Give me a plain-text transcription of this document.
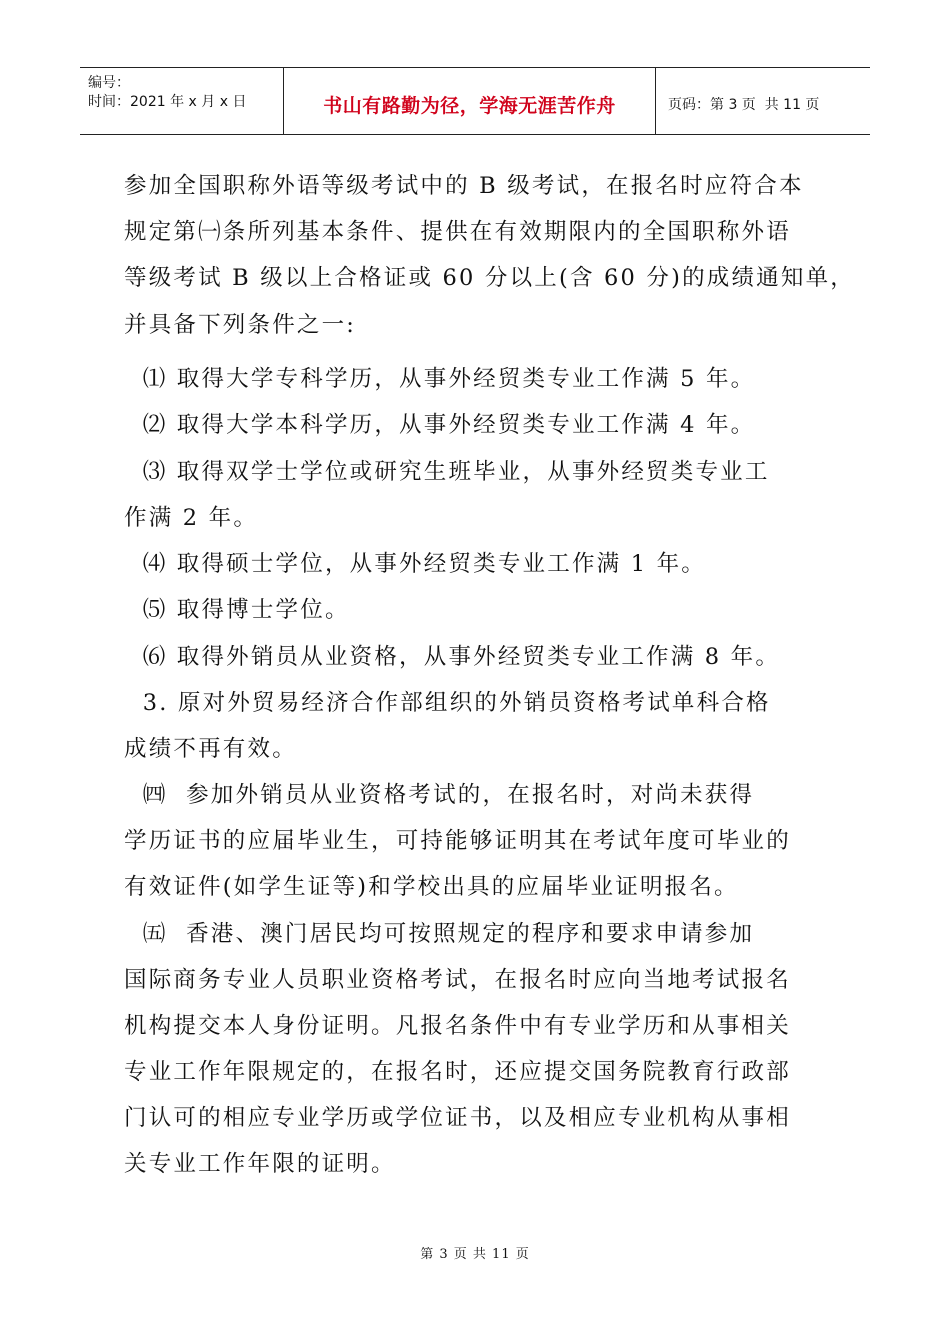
编号：
时间：2021 年 x 月 x 日	书山有路勤为径，学海无涯苦作舟	页码：第 3 页  共 11 页
参加全国职称外语等级考试中的 B 级考试，在报名时应符合本
规定第㈠条所列基本条件、提供在有效期限内的全国职称外语
等级考试 B 级以上合格证或 60 分以上(含 60 分)的成绩通知单，
并具备下列条件之一:
⑴ 取得大学专科学历，从事外经贸类专业工作满 5 年。
⑵ 取得大学本科学历，从事外经贸类专业工作满 4 年。
⑶ 取得双学士学位或研究生班毕业，从事外经贸类专业工
作满 2 年。
⑷ 取得硕士学位，从事外经贸类专业工作满 1 年。
⑸ 取得博士学位。
⑹ 取得外销员从业资格，从事外经贸类专业工作满 8 年。
3. 原对外贸易经济合作部组织的外销员资格考试单科合格
成绩不再有效。
㈣  参加外销员从业资格考试的，在报名时，对尚未获得
学历证书的应届毕业生，可持能够证明其在考试年度可毕业的
有效证件(如学生证等)和学校出具的应届毕业证明报名。
㈤  香港、澳门居民均可按照规定的程序和要求申请参加
国际商务专业人员职业资格考试，在报名时应向当地考试报名
机构提交本人身份证明。凡报名条件中有专业学历和从事相关
专业工作年限规定的，在报名时，还应提交国务院教育行政部
门认可的相应专业学历或学位证书，以及相应专业机构从事相
关专业工作年限的证明。
第 3 页 共 11 页
